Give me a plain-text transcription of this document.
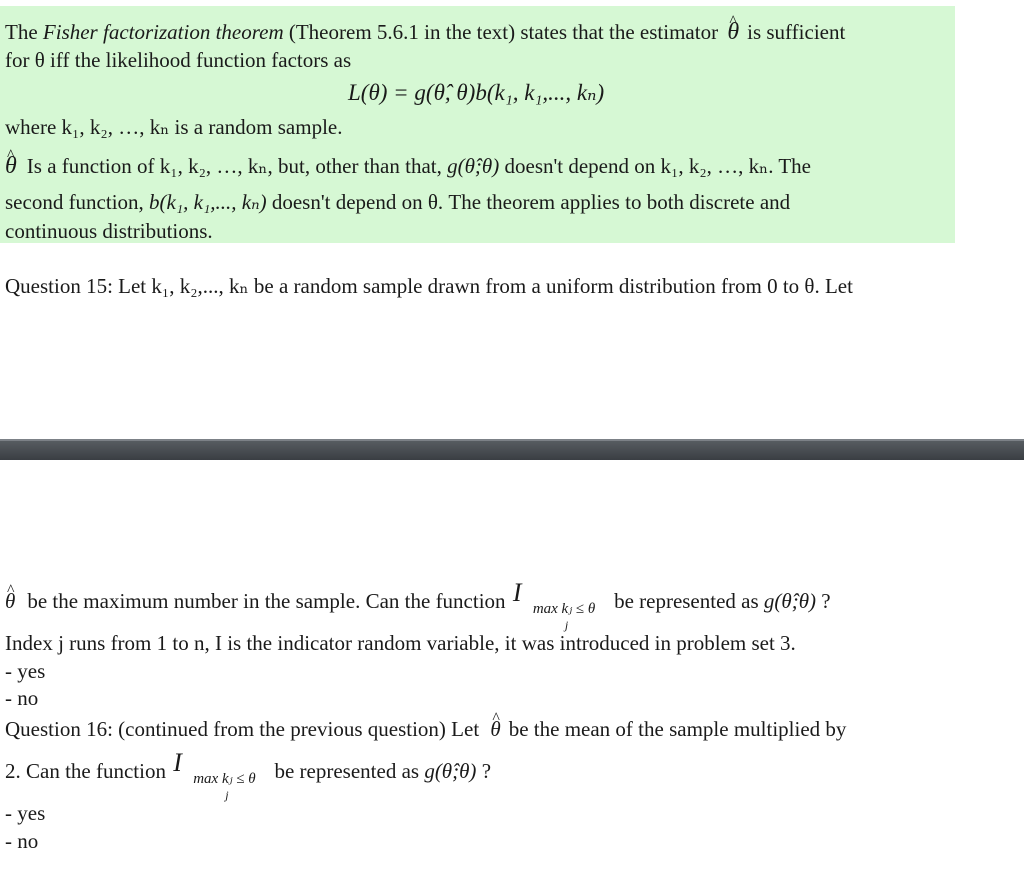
The Fisher factorization theorem (Theorem 5.6.1 in the text) states that the estimator ^ θ is sufficient
for θ iff the likelihood function factors as
L(θ) = g(θ̂, θ)b(k₁, k₁,..., kₙ)
where k₁, k₂, …, kₙ is a random sample.
^ θ Is a function of k₁, k₂, …, kₙ, but, other than that, g(θ̂;θ) doesn't depend on k₁, k₂, …, kₙ. The
second function, b(k₁, k₁,..., kₙ) doesn't depend on θ. The theorem applies to both discrete and
continuous distributions.
Question 15: Let k₁, k₂,..., kₙ be a random sample drawn from a uniform distribution from 0 to θ. Let
^ θ be the maximum number in the sample. Can the function I
max kⱼ ≤ θ
j
be represented as g(θ̂;θ) ?
Index j runs from 1 to n, I is the indicator random variable, it was introduced in problem set 3.
- yes
- no
Question 16: (continued from the previous question) Let ^ θ be the mean of the sample multiplied by
2. Can the function I
max kⱼ ≤ θ
j
be represented as g(θ̂;θ) ?
- yes
- no
